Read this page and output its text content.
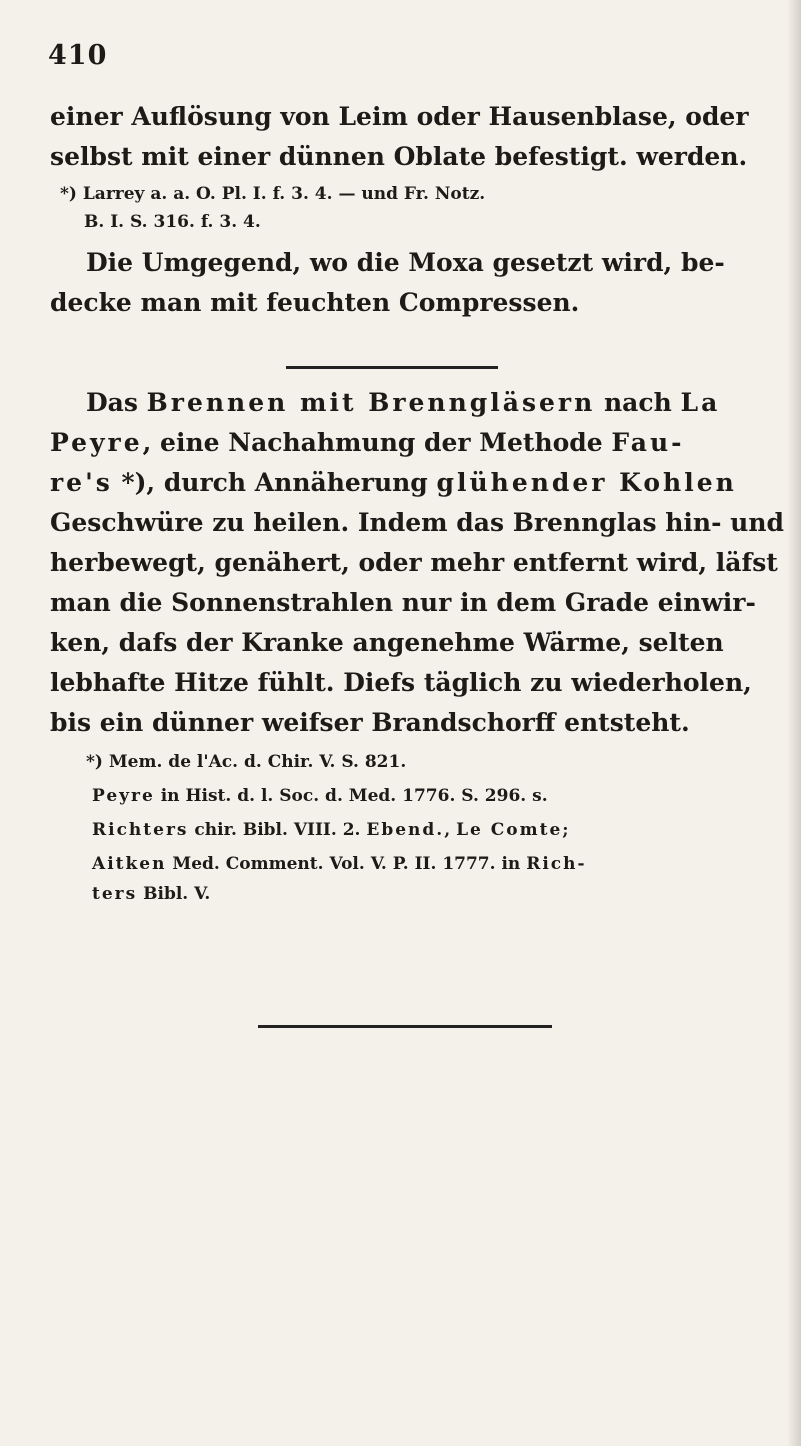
410
einer Auflösung von Leim oder Hausenblase, oder
selbst mit einer dünnen Oblate befestigt. werden.
*) Larrey a. a. O. Pl. I. f. 3. 4. — und Fr. Notz.
B. I. S. 316. f. 3. 4.
Die Umgegend, wo die Moxa gesetzt wird, be-
decke man mit feuchten Compressen.
Das Brennen mit Brenngläsern nach La
Peyre, eine Nachahmung der Methode Fau-
re's *), durch Annäherung glühender Kohlen
Geschwüre zu heilen. Indem das Brennglas hin- und
herbewegt, genähert, oder mehr entfernt wird, läfst
man die Sonnenstrahlen nur in dem Grade einwir-
ken, dafs der Kranke angenehme Wärme, selten
lebhafte Hitze fühlt. Diefs täglich zu wiederholen,
bis ein dünner weifser Brandschorff entsteht.
*) Mem. de l'Ac. d. Chir. V. S. 821.
Peyre in Hist. d. l. Soc. d. Med. 1776. S. 296. s.
Richters chir. Bibl. VIII. 2. Ebend., Le Comte;
Aitken Med. Comment. Vol. V. P. II. 1777. in Rich-
ters Bibl. V.
